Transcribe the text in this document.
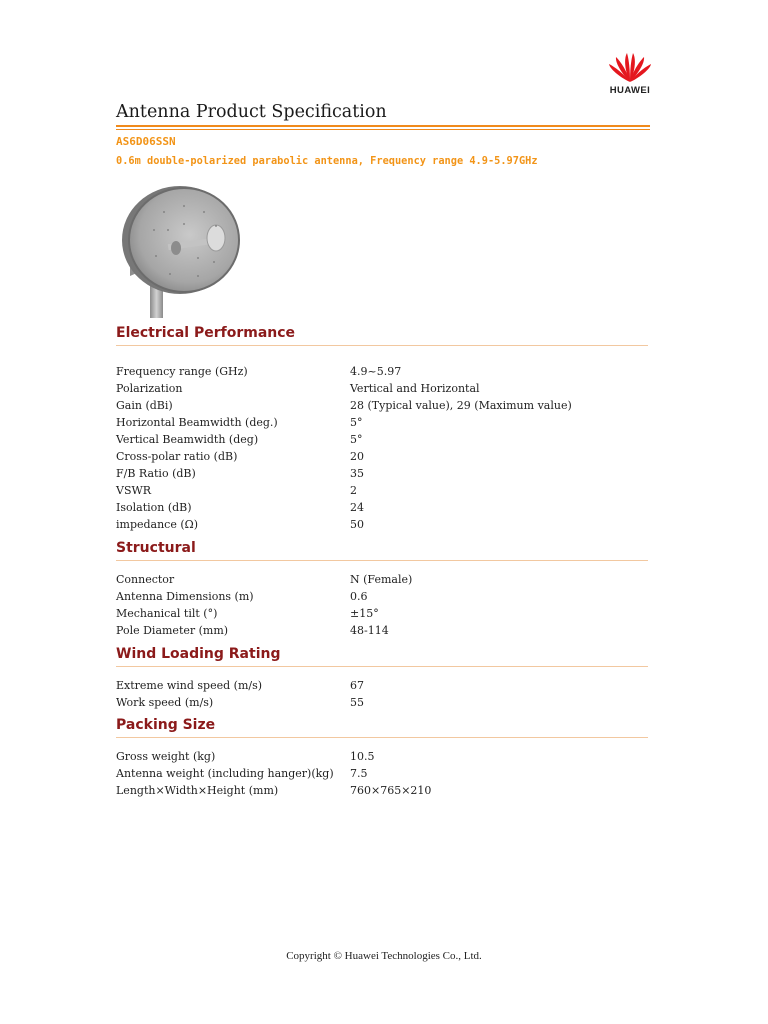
HUAWEI
Antenna Product Specification
AS6D06SSN
0.6m double-polarized parabolic antenna, Frequency range 4.9-5.97GHz
Electrical Performance
Frequency range (GHz)	4.9~5.97
Polarization	Vertical and Horizontal
Gain (dBi)	28 (Typical value), 29 (Maximum value)
Horizontal Beamwidth (deg.)	5°
Vertical Beamwidth (deg)	5°
Cross-polar ratio (dB)	20
F/B Ratio (dB)	35
VSWR	2
Isolation (dB)	24
impedance (Ω)	50
Structural
Connector	N (Female)
Antenna Dimensions (m)	0.6
Mechanical tilt (°)	±15°
Pole Diameter (mm)	48-114
Wind Loading Rating
Extreme wind speed (m/s)	67
Work speed (m/s)	55
Packing Size
Gross weight (kg)	10.5
Antenna weight (including hanger)(kg)	7.5
Length×Width×Height (mm)	760×765×210
Copyright © Huawei Technologies Co., Ltd.
